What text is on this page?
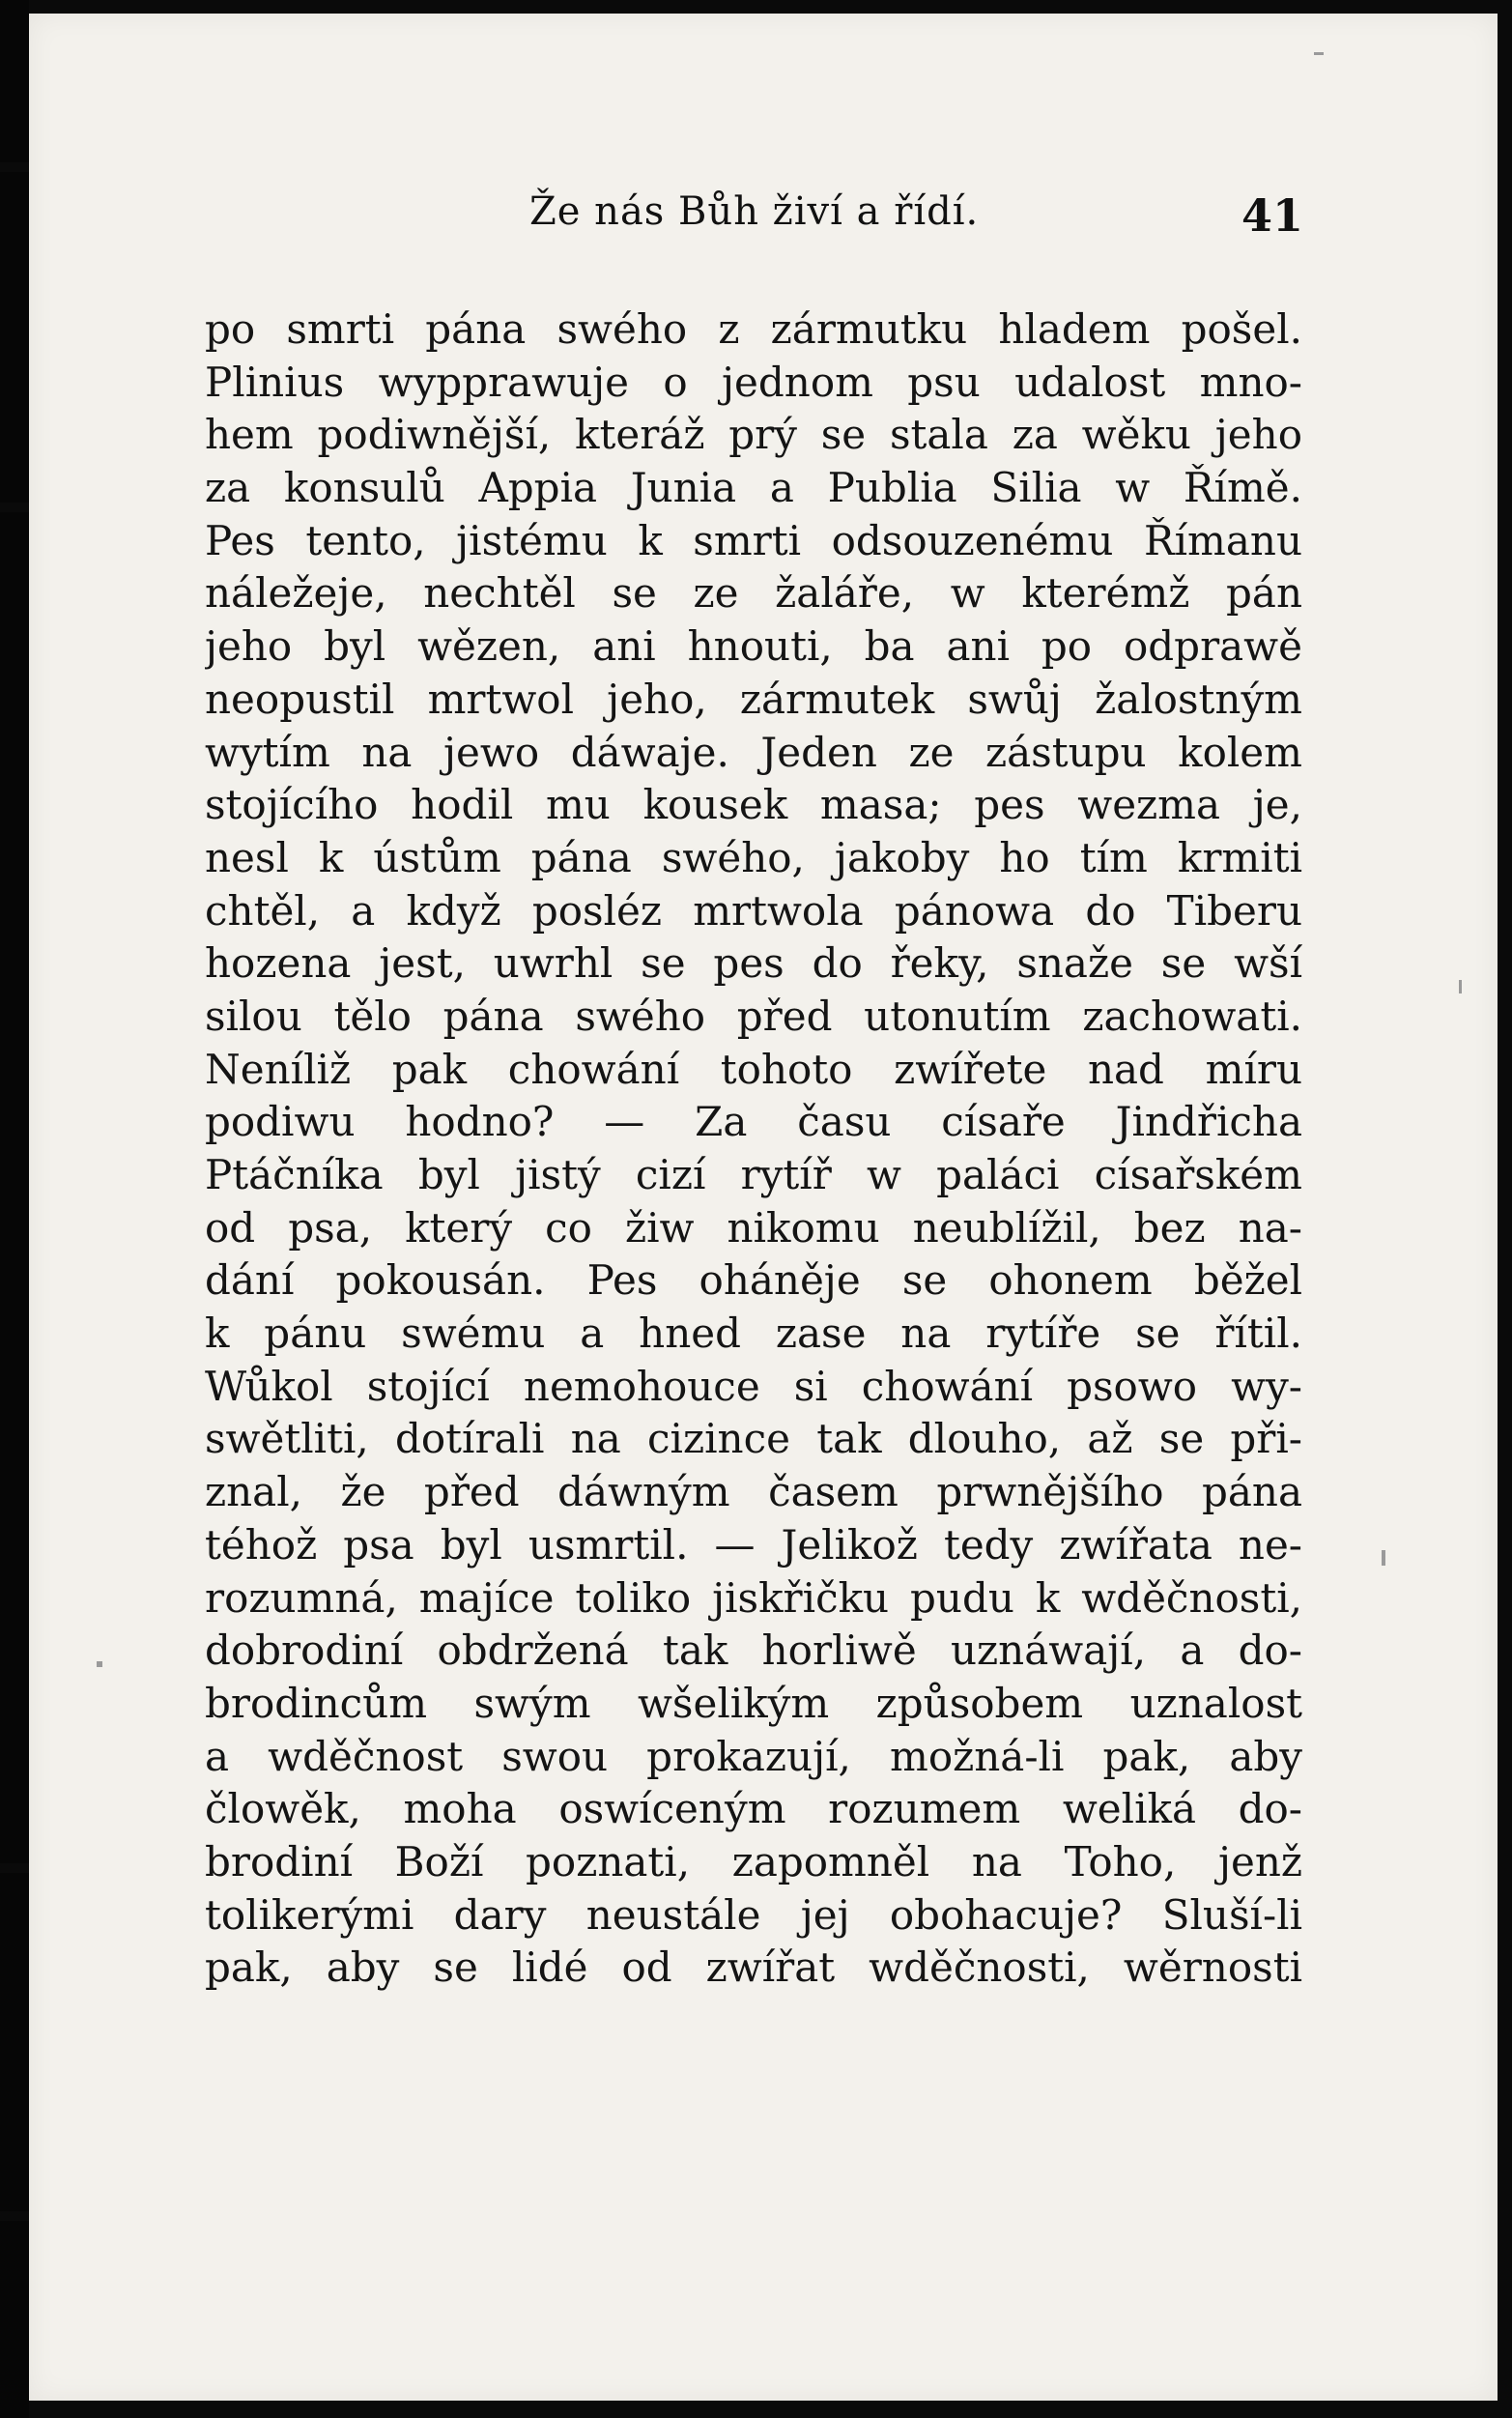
Že nás Bůh živí a řídí.	41
po smrti pána swého z zármutku hladem pošel.
Plinius wypprawuje o jednom psu udalost mno-
hem podiwnější, kteráž prý se stala za wěku jeho
za konsulů Appia Junia a Publia Silia w Římě.
Pes tento, jistému k smrti odsouzenému Římanu
náležeje, nechtěl se ze žaláře, w kterémž pán
jeho byl wězen, ani hnouti, ba ani po odprawě
neopustil mrtwol jeho, zármutek swůj žalostným
wytím na jewo dáwaje. Jeden ze zástupu kolem
stojícího hodil mu kousek masa; pes wezma je,
nesl k ústům pána swého, jakoby ho tím krmiti
chtěl, a když posléz mrtwola pánowa do Tiberu
hozena jest, uwrhl se pes do řeky, snaže se wší
silou tělo pána swého před utonutím zachowati.
Neníliž pak chowání tohoto zwířete nad míru
podiwu hodno? — Za času císaře Jindřicha
Ptáčníka byl jistý cizí rytíř w paláci císařském
od psa, který co žiw nikomu neublížil, bez na-
dání pokousán. Pes oháněje se ohonem běžel
k pánu swému a hned zase na rytíře se řítil.
Wůkol stojící nemohouce si chowání psowo wy-
swětliti, dotírali na cizince tak dlouho, až se při-
znal, že před dáwným časem prwnějšího pána
téhož psa byl usmrtil. — Jelikož tedy zwířata ne-
rozumná, majíce toliko jiskřičku pudu k wděčnosti,
dobrodiní obdržená tak horliwě uznáwají, a do-
brodincům swým wšelikým způsobem uznalost
a wděčnost swou prokazují, možná-li pak, aby
člowěk, moha oswíceným rozumem weliká do-
brodiní Boží poznati, zapomněl na Toho, jenž
tolikerými dary neustále jej obohacuje? Sluší-li
pak, aby se lidé od zwířat wděčnosti, wěrnosti
